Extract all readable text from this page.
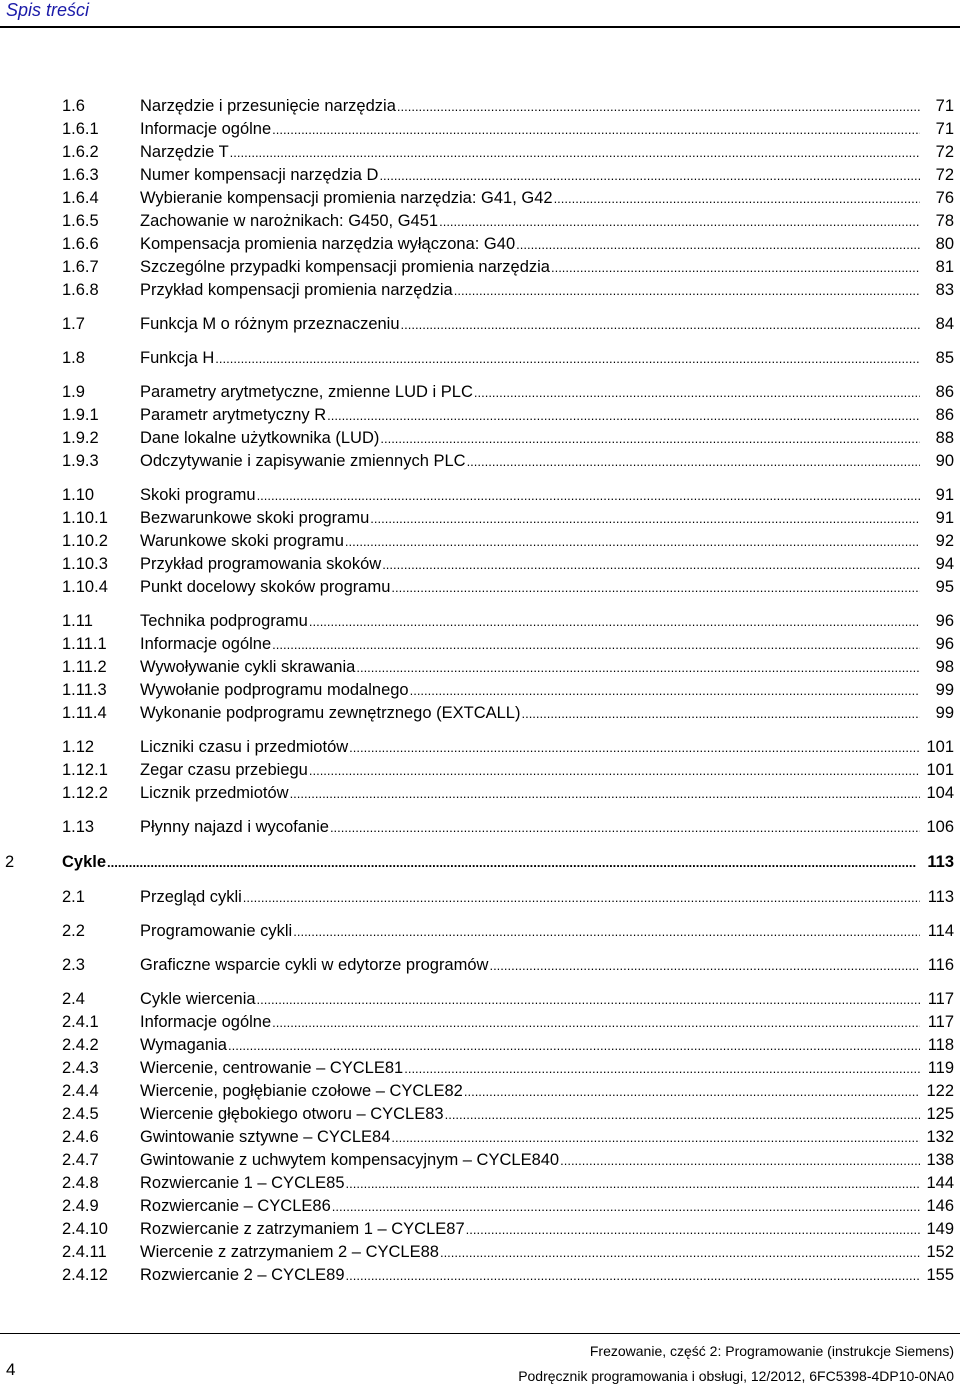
Spis treści
1.6	Narzędzie i przesunięcie narzędzia .....	71
1.6.1	Informacje ogólne .....	71
1.6.2	Narzędzie T .....	72
1.6.3	Numer kompensacji narzędzia D .....	72
1.6.4	Wybieranie kompensacji promienia narzędzia: G41, G42 .....	76
1.6.5	Zachowanie w narożnikach: G450, G451 .....	78
1.6.6	Kompensacja promienia narzędzia wyłączona: G40 .....	80
1.6.7	Szczególne przypadki kompensacji promienia narzędzia .....	81
1.6.8	Przykład kompensacji promienia narzędzia .....	83
1.7	Funkcja M o różnym przeznaczeniu .....	84
1.8	Funkcja H .....	85
1.9	Parametry arytmetyczne, zmienne LUD i PLC .....	86
1.9.1	Parametr arytmetyczny R .....	86
1.9.2	Dane lokalne użytkownika (LUD) .....	88
1.9.3	Odczytywanie i zapisywanie zmiennych PLC .....	90
1.10	Skoki programu .....	91
1.10.1 Bezwarunkowe skoki programu .....	91
1.10.2 Warunkowe skoki programu .....	92
1.10.3 Przykład programowania skoków .....	94
1.10.4 Punkt docelowy skoków programu .....	95
1.11	Technika podprogramu .....	96
1.11.1 Informacje ogólne .....	96
1.11.2 Wywoływanie cykli skrawania .....	98
1.11.3 Wywołanie podprogramu modalnego .....	99
1.11.4 Wykonanie podprogramu zewnętrznego (EXTCALL) .....	99
1.12	Liczniki czasu i przedmiotów .....	101
1.12.1 Zegar czasu przebiegu .....	101
1.12.2 Licznik przedmiotów .....	104
1.13	Płynny najazd i wycofanie .....	106
2	Cykle .....	113
2.1	Przegląd cykli .....	113
2.2	Programowanie cykli .....	114
2.3	Graficzne wsparcie cykli w edytorze programów .....	116
2.4	Cykle wiercenia .....	117
2.4.1	Informacje ogólne .....	117
2.4.2	Wymagania .....	118
2.4.3	Wiercenie, centrowanie – CYCLE81 .....	119
2.4.4	Wiercenie, pogłębianie czołowe – CYCLE82 .....	122
2.4.5	Wiercenie głębokiego otworu – CYCLE83 .....	125
2.4.6	Gwintowanie sztywne – CYCLE84 .....	132
2.4.7	Gwintowanie z uchwytem kompensacyjnym – CYCLE840 .....	138
2.4.8	Rozwiercanie 1 – CYCLE85 .....	144
2.4.9	Rozwiercanie – CYCLE86 .....	146
2.4.10 Rozwiercanie z zatrzymaniem 1 – CYCLE87 .....	149
2.4.11 Wiercenie z zatrzymaniem 2 – CYCLE88 .....	152
2.4.12 Rozwiercanie 2 – CYCLE89 .....	155
4
Frezowanie, część 2: Programowanie (instrukcje Siemens)
Podręcznik programowania i obsługi, 12/2012, 6FC5398-4DP10-0NA0
